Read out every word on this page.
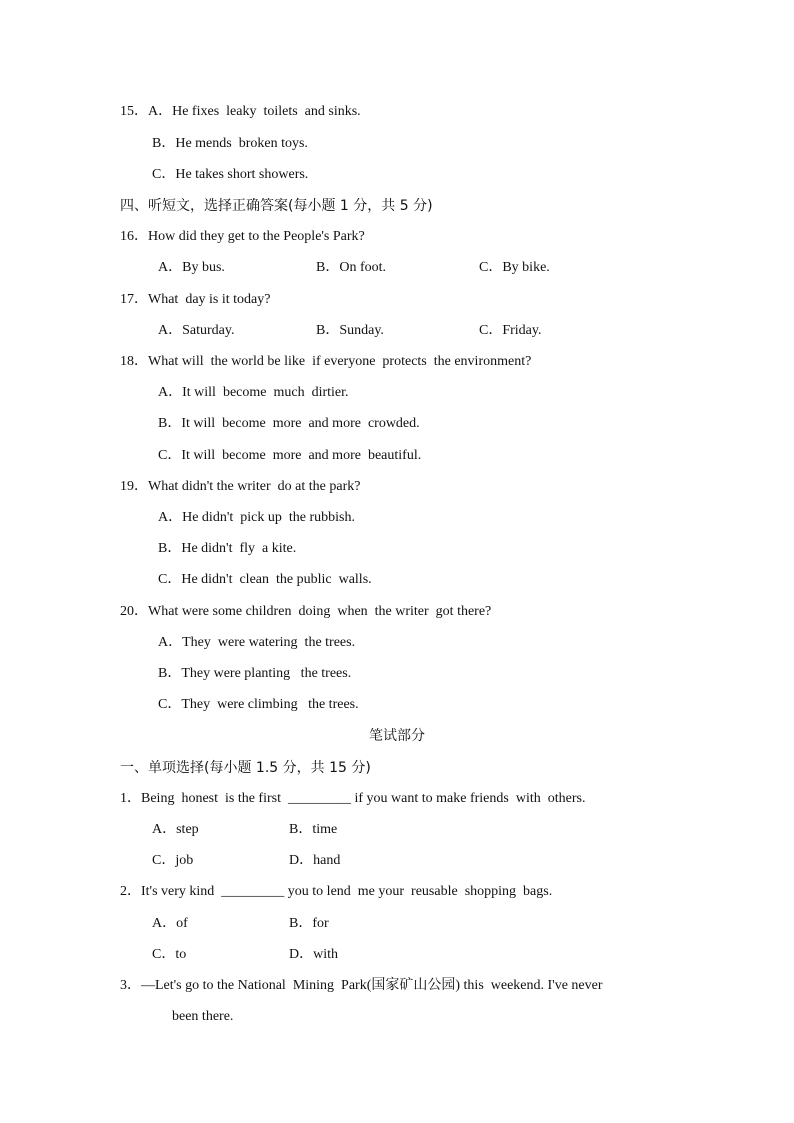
15．A．He fixes  leaky  toilets  and sinks.
B．He mends  broken toys.
C．He takes short showers.
四、听短文，选择正确答案(每小题 1 分，共 5 分)
16．How did they get to the People's Park?
A．By bus.	B．On foot.	C．By bike.
17．What  day is it today?
A．Saturday.	B．Sunday.	C．Friday.
18．What will  the world be like  if everyone  protects  the environment?
A．It will  become  much  dirtier.
B．It will  become  more  and more  crowded.
C．It will  become  more  and more  beautiful.
19．What didn't the writer  do at the park?
A．He didn't  pick up  the rubbish.
B．He didn't  fly  a kite.
C．He didn't  clean  the public  walls.
20．What were some children  doing  when  the writer  got there?
A．They  were watering  the trees.
B．They were planting   the trees.
C．They  were climbing   the trees.
笔试部分
一、单项选择(每小题 1.5 分，共 15 分)
1．Being  honest  is the first  _________ if you want to make friends  with  others.
A．step	B．time
C．job	D．hand
2．It's very kind  _________ you to lend  me your  reusable  shopping  bags.
A．of	B．for
C．to	D．with
3．—Let's go to the National  Mining  Park(国家矿山公园) this  weekend. I've never
been there.
